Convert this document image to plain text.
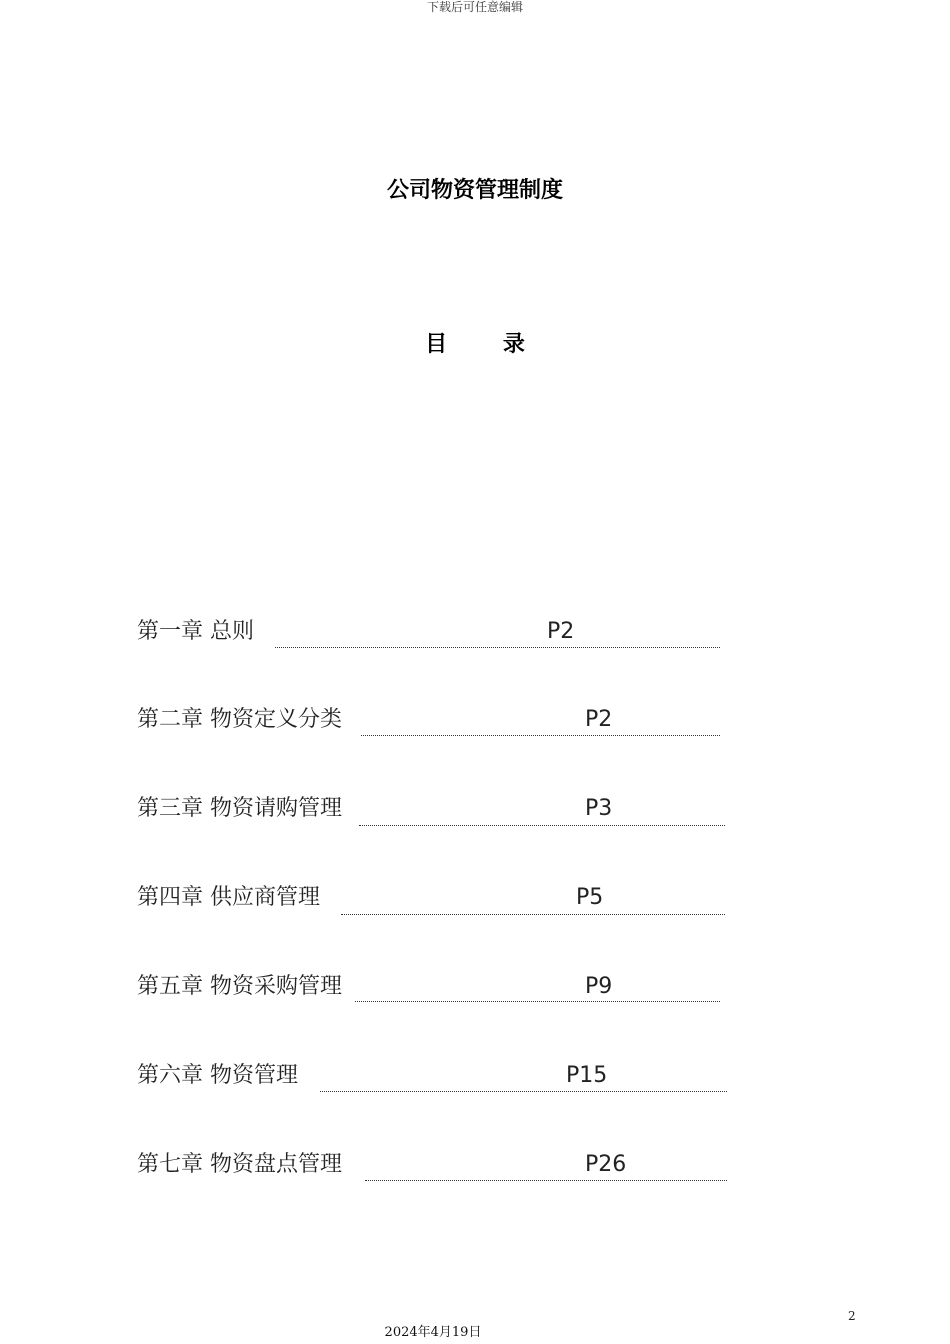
下载后可任意编辑
公司物资管理制度
目 录
第一章 总则	P2
第二章 物资定义分类	P2
第三章 物资请购管理	P3
第四章 供应商管理	P5
第五章 物资采购管理	P9
第六章 物资管理	P15
第七章 物资盘点管理	P26
2
2024年4月19日
